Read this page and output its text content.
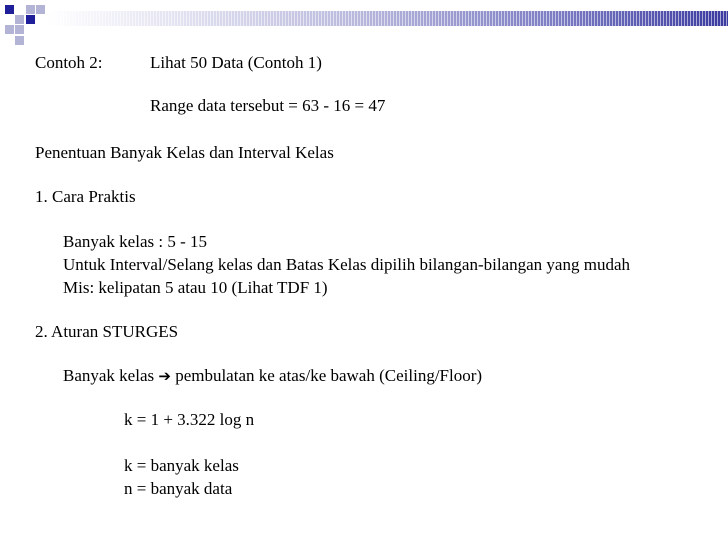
Contoh 2:	Lihat 50 Data (Contoh 1)
Range data tersebut = 63 - 16 = 47
Penentuan Banyak Kelas dan Interval Kelas
1. Cara Praktis
Banyak kelas : 5 - 15
Untuk Interval/Selang kelas dan Batas Kelas dipilih bilangan-bilangan yang mudah
Mis: kelipatan 5 atau 10 (Lihat TDF 1)
2. Aturan STURGES
Banyak kelas ➔ pembulatan ke atas/ke bawah (Ceiling/Floor)
k = 1 + 3.322 log n
k = banyak kelas
n = banyak data
